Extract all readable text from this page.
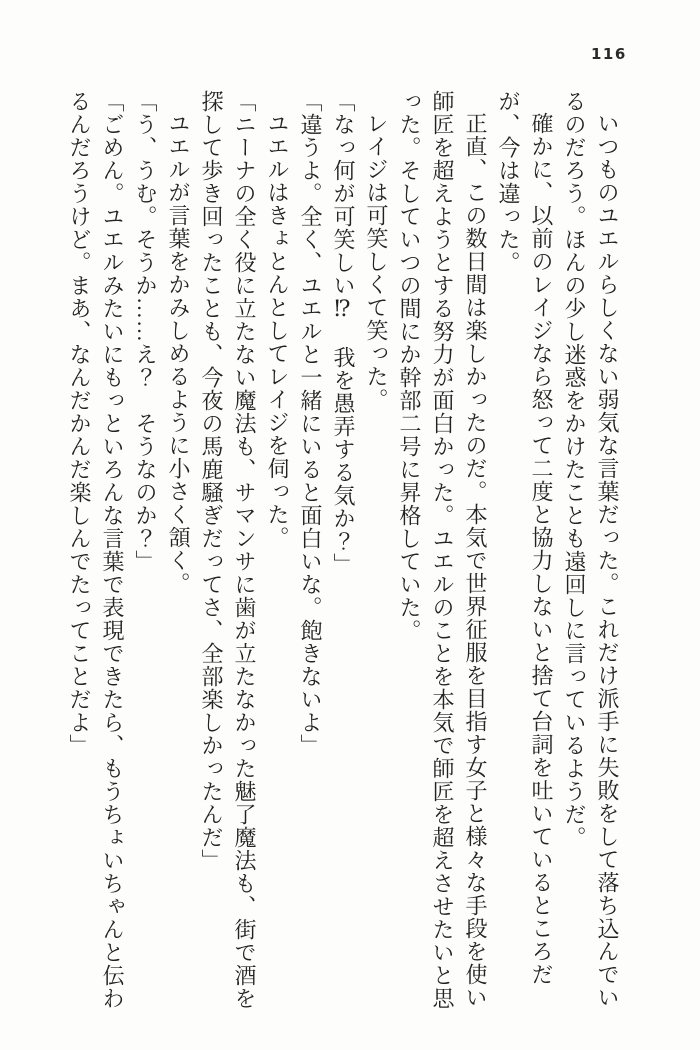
116

いつものユエルらしくない弱気な言葉だった。これだけ派手に失敗をして落ち込んでいるのだろう。ほんの少し迷惑をかけたことも遠回しに言っているようだ。

確かに、以前のレイジなら怒って二度と協力しないと捨て台詞を吐いているところだが、今は違った。

正直、この数日間は楽しかったのだ。本気で世界征服を目指す女子と様々な手段を使い師匠を超えようとする努力が面白かった。ユエルのことを本気で師匠を超えさせたいと思った。そしていつの間にか幹部二号に昇格していた。

レイジは可笑しくて笑った。

「なっ何が可笑しい⁉　我を愚弄する気か？」

「違うよ。全く、ユエルと一緒にいると面白いな。飽きないよ」

ユエルはきょとんとしてレイジを伺った。

「ニーナの全く役に立たない魔法も、サマンサに歯が立たなかった魅了魔法も、街で酒を探して歩き回ったことも、今夜の馬鹿騒ぎだってさ、全部楽しかったんだ」

ユエルが言葉をかみしめるように小さく頷く。

「う、うむ。そうか……え？　そうなのか？」

「ごめん。ユエルみたいにもっといろんな言葉で表現できたら、もうちょいちゃんと伝わるんだろうけど。まあ、なんだかんだ楽しんでたってことだよ」
